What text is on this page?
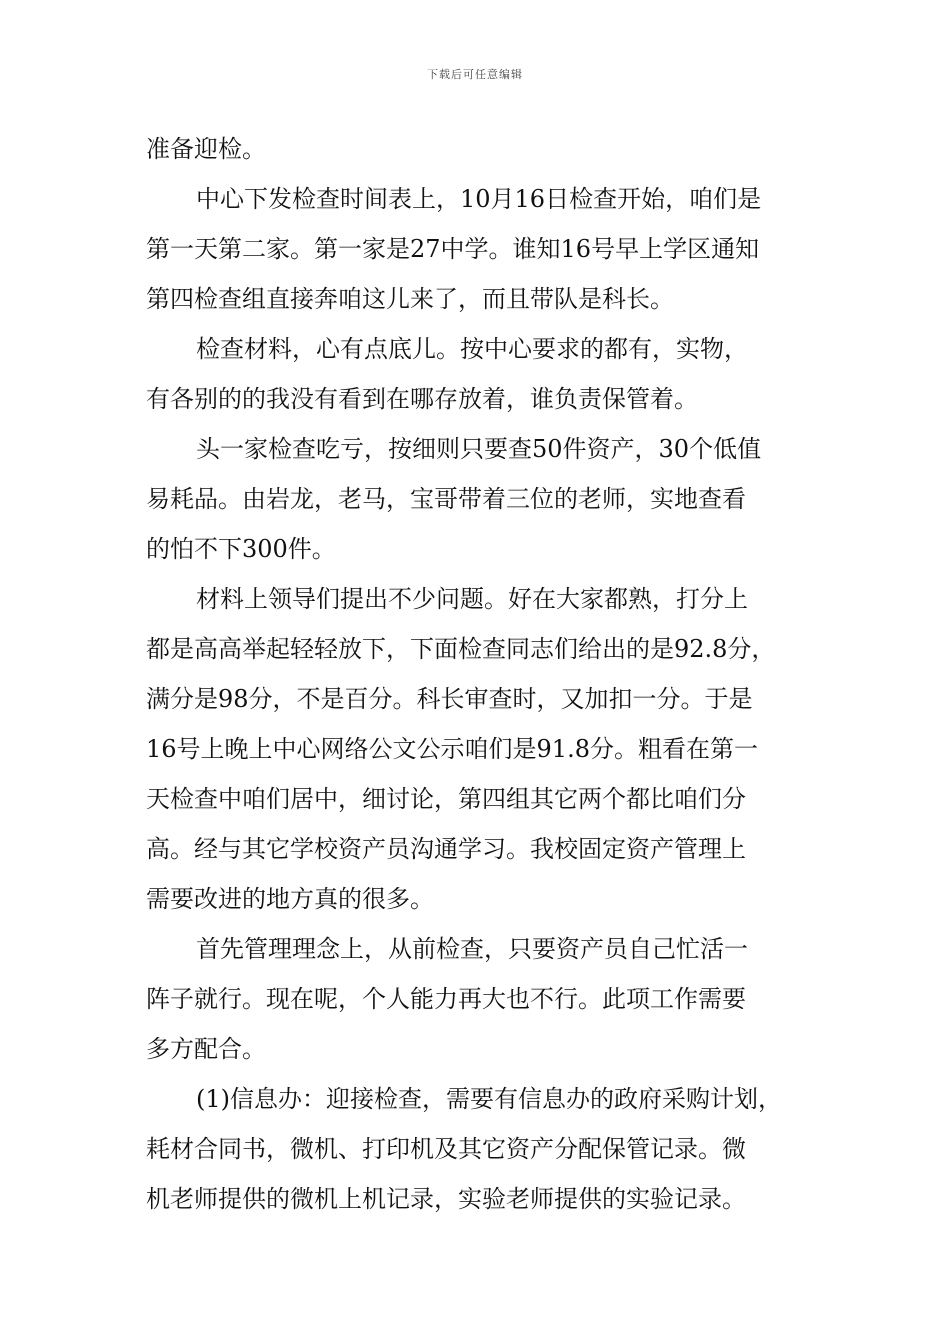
下载后可任意编辑
准备迎检。
中心下发检查时间表上，10月16日检查开始，咱们是
第一天第二家。第一家是27中学。谁知16号早上学区通知
第四检查组直接奔咱这儿来了，而且带队是科长。
检查材料，心有点底儿。按中心要求的都有，实物，
有各别的的我没有看到在哪存放着，谁负责保管着。
头一家检查吃亏，按细则只要查50件资产，30个低值
易耗品。由岩龙，老马，宝哥带着三位的老师，实地查看
的怕不下300件。
材料上领导们提出不少问题。好在大家都熟，打分上
都是高高举起轻轻放下，下面检查同志们给出的是92.8分，
满分是98分，不是百分。科长审查时，又加扣一分。于是
16号上晚上中心网络公文公示咱们是91.8分。粗看在第一
天检查中咱们居中，细讨论，第四组其它两个都比咱们分
高。经与其它学校资产员沟通学习。我校固定资产管理上
需要改进的地方真的很多。
首先管理理念上，从前检查，只要资产员自己忙活一
阵子就行。现在呢，个人能力再大也不行。此项工作需要
多方配合。
(1)信息办：迎接检查，需要有信息办的政府采购计划，
耗材合同书，微机、打印机及其它资产分配保管记录。微
机老师提供的微机上机记录，实验老师提供的实验记录。
